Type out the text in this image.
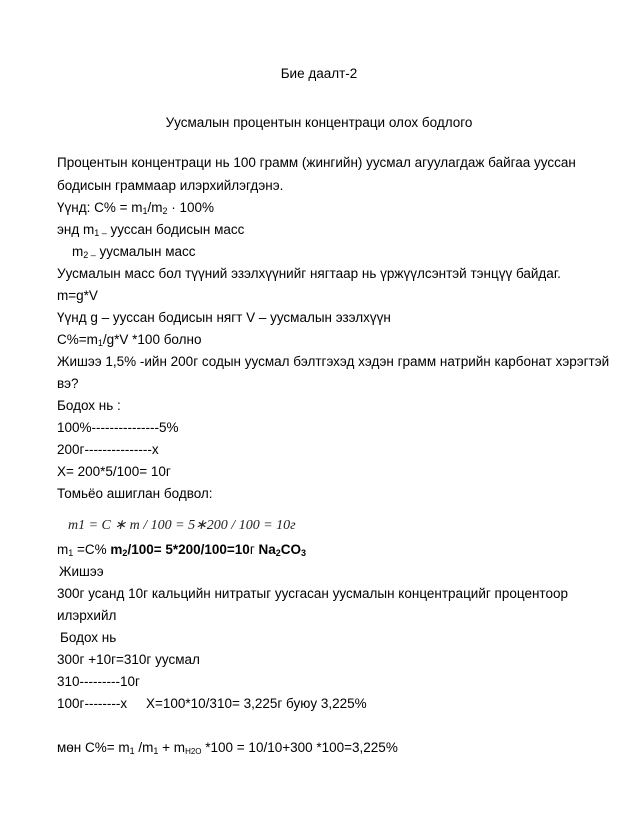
Бие даалт-2
Уусмалын процентын концентраци олох бодлого
Процентын концентраци нь 100 грамм (жингийн) уусмал агуулагдаж байгаа уусcан
бодисын граммаар илэрхийлэгдэнэ.
Үүнд: $С\% = m_1/m_2 \cdot 100\%$
энд $m_{1 -}$ уусcан бодисын масс
$m_{2 -}$ уусмалын масс
Уусмалын масс бол түүний эзэлхүүнийг нягтаар нь үржүүлсэнтэй тэнцүү байдаг.
m=g*V
Үүнд g – уусcан бодисын нягт V – уусмалын эзэлхүүн
$С\%=m_1/g*V$ *100 болно
Жишээ 1,5% -ийн 200г содын уусмал бэлтгэхэд хэдэн грамм натрийн карбонат хэрэгтэй
вэ?
Бодох нь :
100%---------------5%
200г---------------x
X= 200*5/100= 10г
Томьёо ашиглан бодвол:
m1 = C ∗ m / 100 = 5∗200 / 100 = 10г
$m_1 =С\%$ $m_2/100= 5*200/100=10г$ $Na_2CO_3$
Жишээ
300г усанд 10г кальцийн нитратыг уусгасан уусмалын концентрацийг процентоор
илэрхийл
Бодох нь
300г +10г=310г уусмал
310---------10г
100г--------x X=100*10/310= 3,225г буюу 3,225%
мөн $С\%= m_1$ $/m_1 + mH2O$ *100 = 10/10+300 *100=3,225%
